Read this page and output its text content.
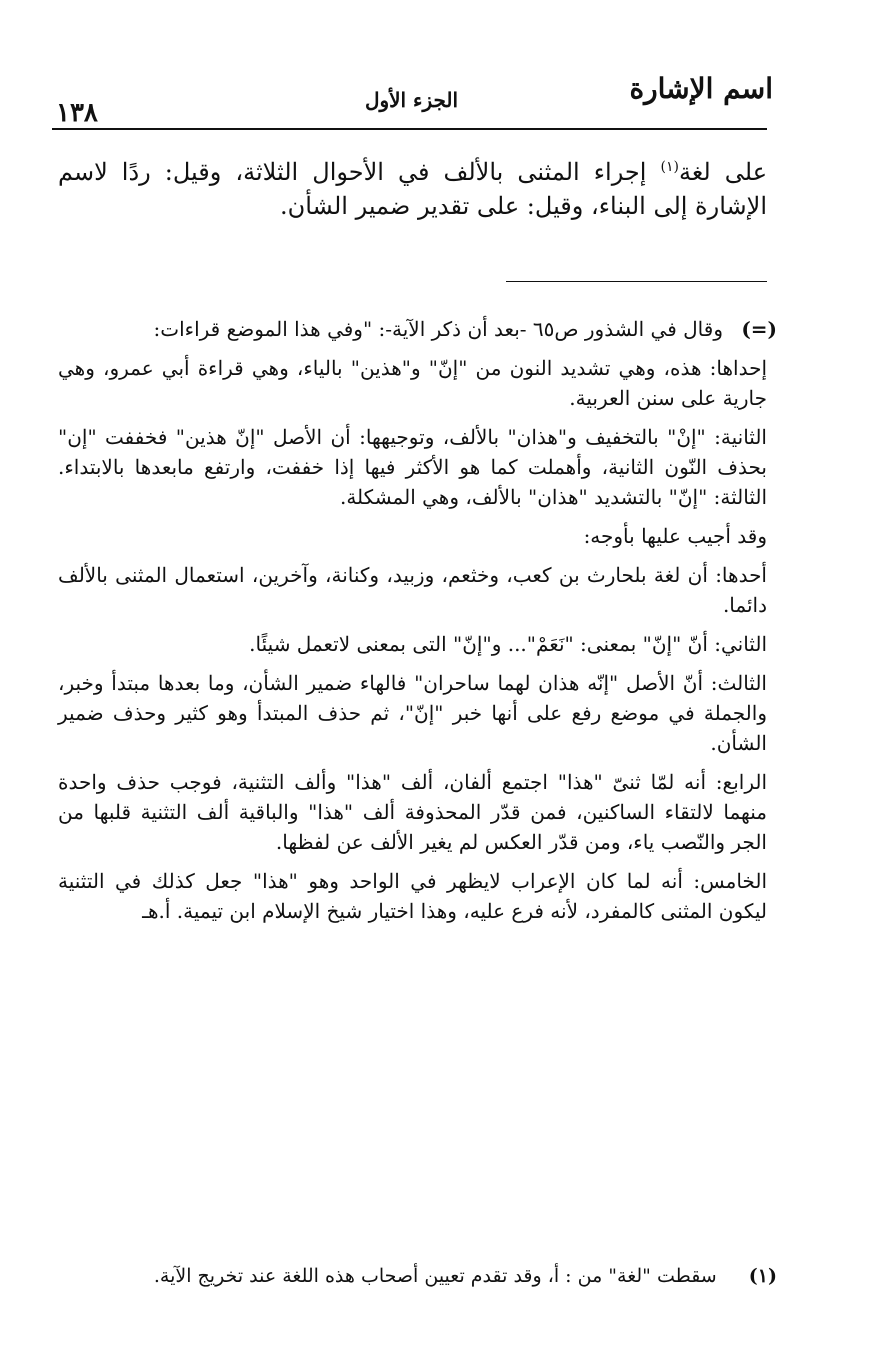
اسم الإشارة
الجزء الأول
١٣٨

على لغة$^{(١)}$ إجراء المثنى بالألف في الأحوال الثلاثة، وقيل: ردًا لاسم الإشارة إلى البناء، وقيل: على تقدير ضمير الشأن.

(=)
وقال في الشذور ص٦٥ -بعد أن ذكر الآية-: "وفي هذا الموضع قراءات:

إحداها: هذه، وهي تشديد النون من "إنّ" و"هذين" بالياء، وهي قراءة أبي عمرو، وهي جارية على سنن العربية.

الثانية: "إنْ" بالتخفيف و"هذان" بالألف، وتوجيهها: أن الأصل "إنّ هذين" فخففت "إن" بحذف النّون الثانية، وأهملت كما هو الأكثر فيها إذا خففت، وارتفع مابعدها بالابتداء. الثالثة: "إنّ" بالتشديد "هذان" بالألف، وهي المشكلة.

وقد أجيب عليها بأوجه:

أحدها: أن لغة بلحارث بن كعب، وخثعم، وزبيد، وكنانة، وآخرين، استعمال المثنى بالألف دائما.

الثاني: أنّ "إنّ" بمعنى: "نَعَمْ"... و"إنّ" التى بمعنى لاتعمل شيئًا.

الثالث: أنّ الأصل "إنّه هذان لهما ساحران" فالهاء ضمير الشأن، وما بعدها مبتدأ وخبر، والجملة في موضع رفع على أنها خبر "إنّ"، ثم حذف المبتدأ وهو كثير وحذف ضمير الشأن.

الرابع: أنه لمّا ثنىّ "هذا" اجتمع ألفان، ألف "هذا" وألف التثنية، فوجب حذف واحدة منهما لالتقاء الساكنين، فمن قدّر المحذوفة ألف "هذا" والباقية ألف التثنية قلبها من الجر والنّصب ياء، ومن قدّر العكس لم يغير الألف عن لفظها.

الخامس: أنه لما كان الإعراب لايظهر في الواحد وهو "هذا" جعل كذلك في التثنية ليكون المثنى كالمفرد، لأنه فرع عليه، وهذا اختيار شيخ الإسلام ابن تيمية. أ.هـ

(١) سقطت "لغة" من : أ، وقد تقدم تعيين أصحاب هذه اللغة عند تخريج الآية.
